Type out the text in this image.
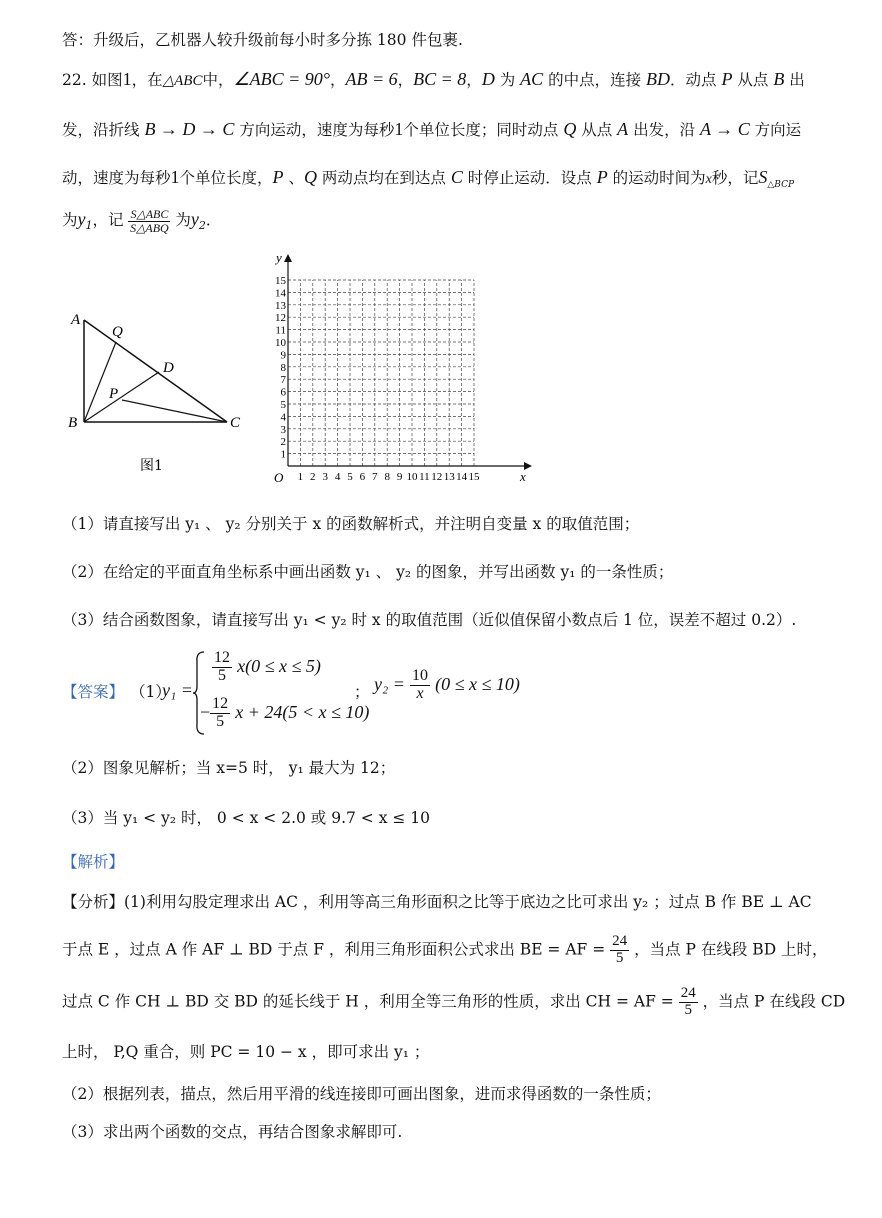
答：升级后，乙机器人较升级前每小时多分拣 180 件包裹.
22. 如图1，在△ABC中，∠ABC = 90°，AB = 6，BC = 8，D 为 AC 的中点，连接 BD．动点 P 从点 B 出
发，沿折线 B → D → C 方向运动，速度为每秒1个单位长度；同时动点 Q 从点 A 出发，沿 A → C 方向运
动，速度为每秒1个单位长度，P 、Q 两动点均在到达点 C 时停止运动．设点 P 的运动时间为x秒，记$S_{\triangle BCP}$
为$y_1$，记 $\frac{\text{S△ABC}}{\text{S△ABQ}}$ 为$y_2$．
A
Q
D
P
B	C
图1
x
y
O 1 2 3 4 5 6 7 8 9 10 11 12 13 14 15
1
2
3
4
5
6
7
8
9
10
11
12
13
14
15
（1）请直接写出 y₁ 、 y₂ 分别关于 x 的函数解析式，并注明自变量 x 的取值范围；
（2）在给定的平面直角坐标系中画出函数 y₁ 、 y₂ 的图象，并写出函数 y₁ 的一条性质；
（3）结合函数图象，请直接写出 y₁ < y₂ 时 x 的取值范围（近似值保留小数点后 1 位，误差不超过 0.2）.
【答案】 （1）
y₁ =
$\frac{12}{5} x(0 \le x \le 5)$
− $\frac{12}{5}$ x + 24(5 < x ≤ 10)
； $y_2 = \frac{10}{x} (0 \le x \le 10)$
（2）图象见解析；当 x=5 时， y₁ 最大为 12；
（3）当 y₁ < y₂ 时， 0 < x < 2.0 或 9.7 < x ≤ 10
【解析】
【分析】(1)利用勾股定理求出 AC ，利用等高三角形面积之比等于底边之比可求出 y₂ ；过点 B 作 BE ⊥ AC
于点 E ，过点 A 作 AF ⊥ BD 于点 F ，利用三角形面积公式求出 BE = AF = $\frac{24}{5}$ ，当点 P 在线段 BD 上时，
过点 C 作 CH ⊥ BD 交 BD 的延长线于 H ，利用全等三角形的性质，求出 CH = AF = $\frac{24}{5}$ ，当点 P 在线段 CD
上时， P,Q 重合，则 PC = 10 − x ，即可求出 y₁ ；
（2）根据列表，描点，然后用平滑的线连接即可画出图象，进而求得函数的一条性质；
（3）求出两个函数的交点，再结合图象求解即可.
